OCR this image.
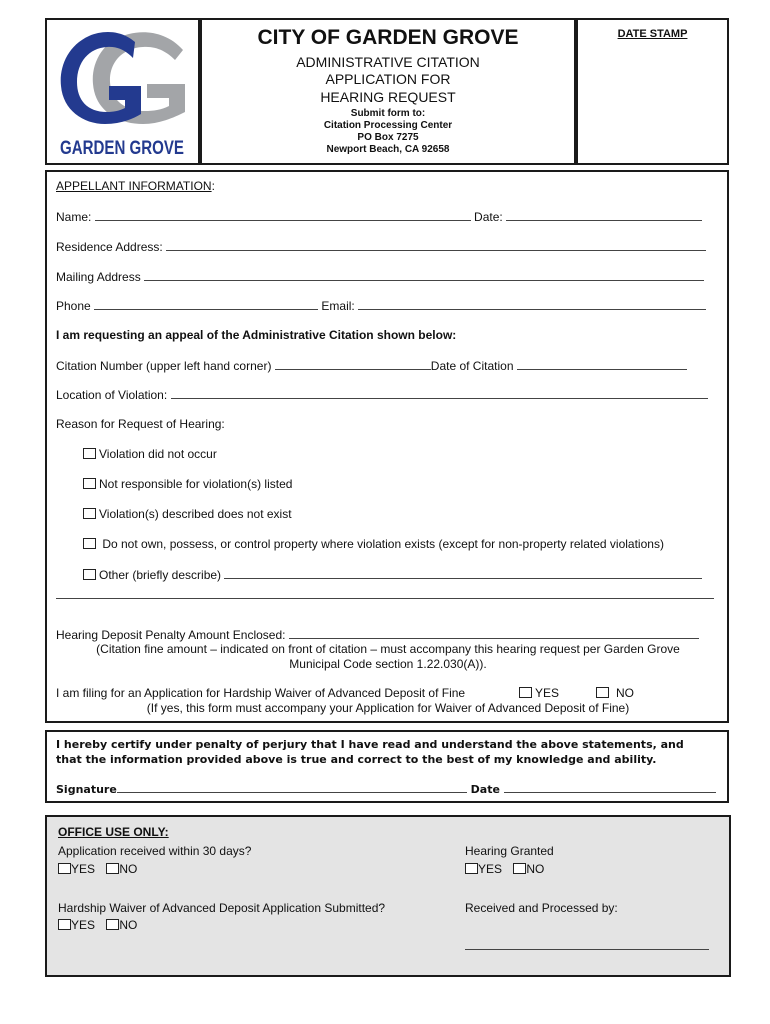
GARDEN GROVE
CITY OF GARDEN GROVE
ADMINISTRATIVE CITATION
APPLICATION FOR
HEARING REQUEST
Submit form to:
Citation Processing Center
PO Box 7275
Newport Beach, CA 92658
DATE STAMP
APPELLANT INFORMATION:
Name:	Date:
Residence Address:
Mailing Address
Phone	Email:
I am requesting an appeal of the Administrative Citation shown below:
Citation Number (upper left hand corner)	Date of Citation
Location of Violation:
Reason for Request of Hearing:
Violation did not occur
Not responsible for violation(s) listed
Violation(s) described does not exist
Do not own, possess, or control property where violation exists (except for non-property related violations)
Other (briefly describe)
Hearing Deposit Penalty Amount Enclosed:
(Citation fine amount – indicated on front of citation – must accompany this hearing request per Garden Grove
Municipal Code section 1.22.030(A)).
I am filing for an Application for Hardship Waiver of Advanced Deposit of Fine	YES	NO
(If yes, this form must accompany your Application for Waiver of Advanced Deposit of Fine)
I hereby certify under penalty of perjury that I have read and understand the above statements, and
that the information provided above is true and correct to the best of my knowledge and ability.
Signature	Date
OFFICE USE ONLY:
Application received within 30 days?
YES NO
Hearing Granted
YES NO
Hardship Waiver of Advanced Deposit Application Submitted?
YES NO
Received and Processed by:
